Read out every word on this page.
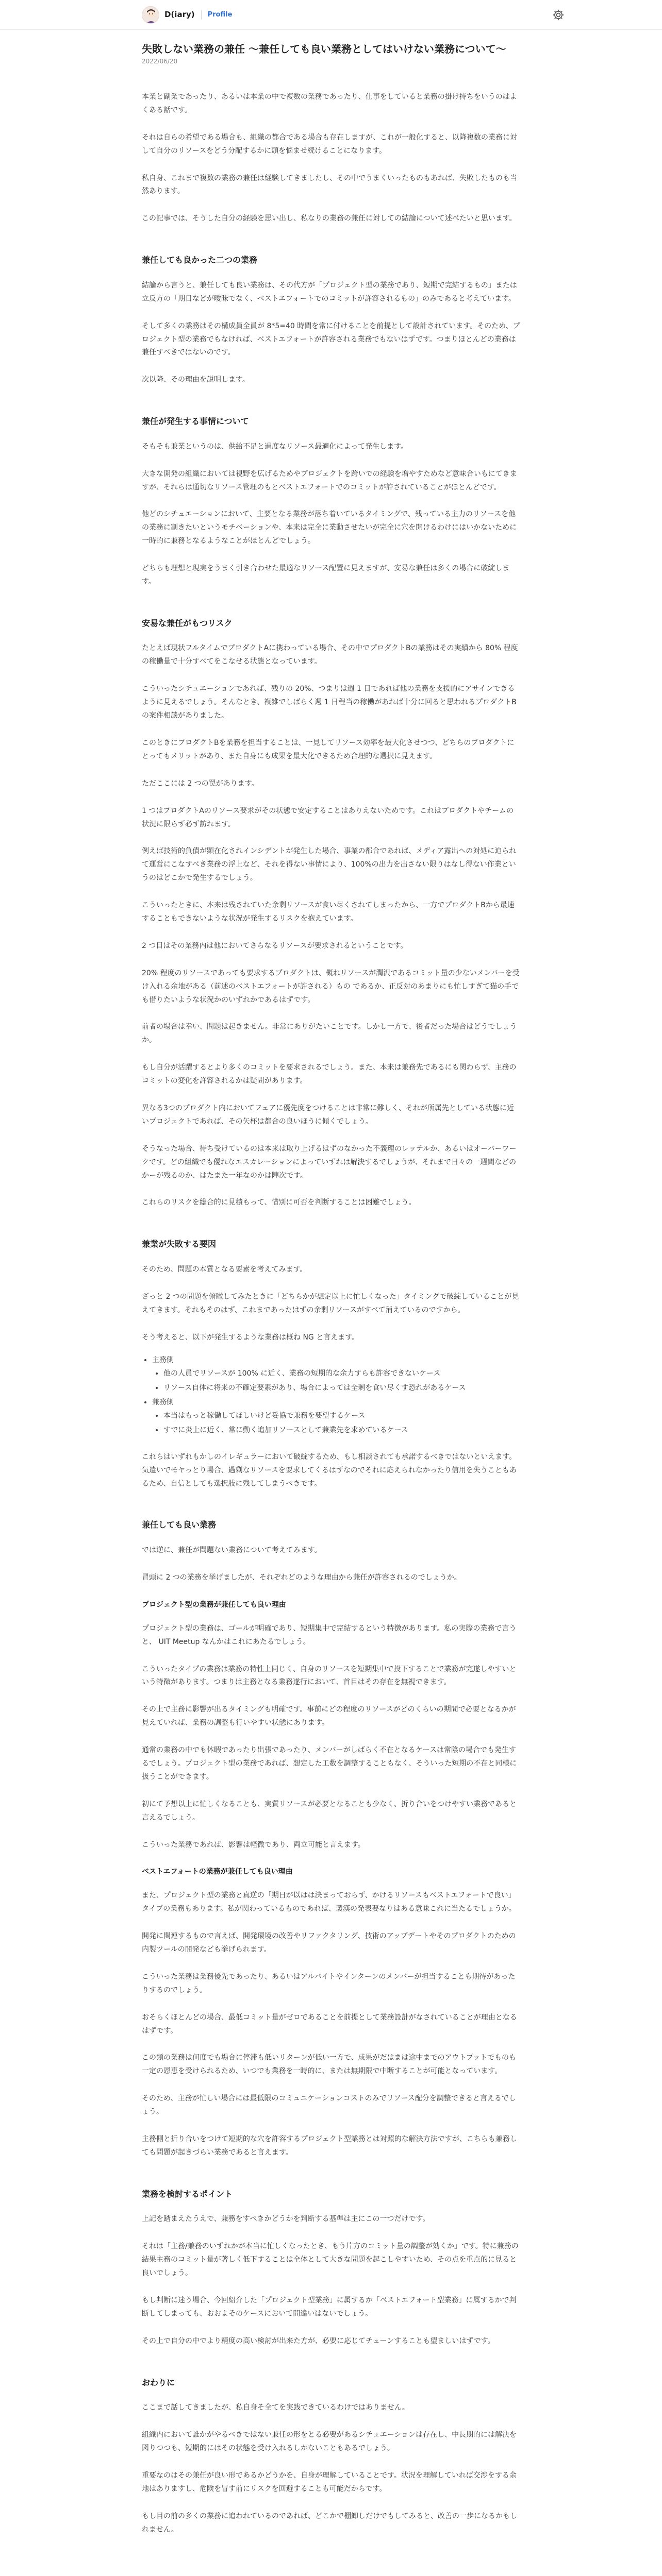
D(iary) Profile
失敗しない業務の兼任 〜兼任しても良い業務としてはいけない業務について〜
2022/06/20

本業と副業であったり、あるいは本業の中で複数の業務であったり、仕事をしていると業務の掛け持ちをいうのはよくある話です。

それは自らの希望である場合も、組織の都合である場合も存在しますが、これが一般化すると、以降複数の業務に対して自分のリソースをどう分配するかに頭を悩ませ続けることになります。

私自身、これまで複数の業務の兼任は経験してきましたし、その中でうまくいったものもあれば、失敗したものも当然あります。

この記事では、そうした自分の経験を思い出し、私なりの業務の兼任に対しての結論について述べたいと思います。

兼任しても良かった二つの業務

結論から言うと、兼任しても良い業務は、その代方が「プロジェクト型の業務であり、短期で完結するもの」または立反方の「期日などが曖昧でなく、ベストエフォートでのコミットが許容されるもの」のみであると考えています。

そして多くの業務はその構成員全員が 8*5=40 時間を常に付けることを前提として設計されています。そのため、プロジェクト型の業務でもなければ、ベストエフォートが許容される業務でもないはずです。つまりほとんどの業務は兼任すべきではないのです。

次以降、その理由を説明します。

兼任が発生する事情について

そもそも兼業というのは、供給不足と過度なリソース最適化によって発生します。

大きな開発の組織においては視野を広げるためやプロジェクトを跨いでの経験を増やすためなど意味合いもにてきますが、それらは通切なリソース管理のもとベストエフォートでのコミットが許されていることがほとんどです。

他どのシチュエーションにおいて、主要となる業務が落ち着いているタイミングで、残っている主力のリソースを他の業務に割きたいというモチベーションや、本来は完全に業動させたいが完全に穴を開けるわけにはいかないために一時的に兼務となるようなことがほとんどでしょう。

どちらも理想と現実をうまく引き合わせた最適なリソース配置に見えますが、安易な兼任は多くの場合に破綻します。

安易な兼任がもつリスク

たとえば現状フルタイムでプロダクトAに携わっている場合、その中でプロダクトBの業務はその実績から 80% 程度の稼働量で十分すべてをこなせる状態となっています。

こういったシチュエーションであれば、残りの 20%、つまりは週 1 日であれば他の業務を支援的にアサインできるように見えるでしょう。そんなとき、複雑でしばらく週 1 日程当の稼働があれば十分に回ると思われるプロダクトBの案件相談がありました。

このときにプロダクトBを業務を担当することは、一見してリソース効率を最大化させつつ、どちらのプロダクトにとってもメリットがあり、また自身にも成果を最大化できるため合理的な選択に見えます。

ただここには 2 つの罠があります。

1 つはプロダクトAのリソース要求がその状態で安定することはありえないためです。これはプロダクトやチームの状況に限らず必ず訪れます。

例えば技術的負債が顕在化されインシデントが発生した場合、事業の都合であれば、メディア露出への対処に迫られて運営にこなすべき業務の浮上など、それを得ない事情により、100%の出力を出さない限りはなし得ない作業というのはどこかで発生するでしょう。

こういったときに、本来は残されていた余剰リソースが食い尽くされてしまったから、一方でプロダクトBから最速することもできないような状況が発生するリスクを抱えています。

2 つ目はその業務内は他においてさらなるリソースが要求されるということです。

20% 程度のリソースであっても要求するプロダクトは、概ねリソースが潤沢であるコミット量の少ないメンバーを受け入れる余地がある（前述のベストエフォートが許される）もの であるか、正反対のあまりにも忙しすぎて猫の手でも借りたいような状況かのいずれかであるはずです。

前者の場合は幸い、問題は起きません。非常にありがたいことです。しかし一方で、後者だった場合はどうでしょうか。

もし自分が活躍するとより多くのコミットを要求されるでしょう。また、本来は兼務先であるにも関わらず、主務のコミットの変化を許容されるかは疑問があります。

異なる3つのプロダクト内においてフェアに優先度をつけることは非常に難しく、それが所属先としている状態に近いプロジェクトであれば、その矢杯は都合の良いほうに傾くでしょう。

そうなった場合、待ち受けているのは本来は取り上げるはずのなかった不義理のレッテルか、あるいはオーバーワークです。どの組織でも優れなエスカレーションによっていずれは解決するでしょうが、それまで日々の一週間などのかーが残るのか、はたまた一年なのかは陣次です。

これらのリスクを総合的に見積もって、惜別に可否を判断することは困難でしょう。

兼業が失敗する要因

そのため、問題の本質となる要素を考えてみます。

ざっと 2 つの問題を俯瞰してみたときに「どちらかが想定以上に忙しくなった」タイミングで破綻していることが見えてきます。それもそのはず、これまであったはずの余剰リソースがすべて消えているのですから。

そう考えると、以下が発生するような業務は概ね NG と言えます。

• 主務側
• 他の人員でリソースが 100% に近く、業務の短期的な余力すらも許容できないケース
• リソース自体に将来の不確定要素があり、場合によっては全剰を食い尽くす恐れがあるケース
• 兼務側
• 本当はもっと稼働してほしいけど妥協で兼務を要望するケース
• すでに炎上に近く、常に動く追加リソースとして兼業先を求めているケース

これらはいずれもかしのイレギュラーにおいて破綻するため、もし相談されても承諾するべきではないといえます。気遣いでモヤっとり場合、過剰なリソースを要求してくるはずなのでそれに応えられなかったり信用を失うこともあるため、自信としても選択肢に残してしまうべきです。

兼任しても良い業務

では逆に、兼任が問題ない業務について考えてみます。

冒頭に 2 つの業務を挙げましたが、それぞれどのような理由から兼任が許容されるのでしょうか。

プロジェクト型の業務が兼任しても良い理由

プロジェクト型の業務は、ゴールが明確であり、短期集中で完結するという特徴があります。私の実際の業務で言うと、 UIT Meetup なんかはこれにあたるでしょう。

こういったタイプの業務は業務の特性上同じく、自身のリソースを短期集中で投下することで業務が完遂しやすいという特徴があります。つまりは主務となる業務遂行において、首目はその存在を無視できます。

その上で主務に影響が出るタイミングも明確です。事前にどの程度のリソースがどのくらいの期間で必要となるかが見えていれば、業務の調整も行いやすい状態にあります。

通常の業務の中でも休暇であったり出張であったり、メンバーがしばらく不在となるケースは常陰の場合でも発生するでしょう。プロジェクト型の業務であれば、想定した工数を調整することもなく、そういった短期の不在と同様に扱うことができます。

初にて予想以上に忙しくなることも、実質リソースが必要となることも少なく、折り合いをつけやすい業務であると言えるでしょう。

こういった業務であれば、影響は軽微であり、両立可能と言えます。

ベストエフォートの業務が兼任しても良い理由

また、プロジェクト型の業務と真逆の「期日が以はは決まっておらず、かけるリソースもベストエフォートで良い」タイプの業務もあります。私が関わっているものであれば、製漢の発表要なりはある意味これに当たるでしょうか。

開発に関連するもので言えば、開発環境の改善やリファクタリング、技術のアップデートやそのプロダクトのための内製ツールの開発なども挙げられます。

こういった業務は業務優先であったり、あるいはアルバイトやインターンのメンバーが担当することも期待があったりするのでしょう。

おそらくほとんどの場合、最低コミット量がゼロであることを前提として業務設計がなされていることが理由となるはずです。

この類の業務は何度でも場合に停滞も低いリターンが低い一方で、成果がだはまは途中までのアウトプットでものも一定の恩恵を受けられるため、いつでも業務を一時的に、または無期限で中断することが可能となっています。

そのため、主務が忙しい場合には最低限のコミュニケーションコストのみでリソース配分を調整できると言えるでしょう。

主務側と折り合いをつけて短期的な穴を許容するプロジェクト型業務とは対照的な解決方法ですが、こちらも兼務しても問題が起きづらい業務であると言えます。

業務を検討するポイント

上記を踏まえたうえで、兼務をすべきかどうかを判断する基準は主にこの一つだけです。

それは「主務/兼務のいずれかが本当に忙しくなったとき、もう片方のコミット量の調整が効くか」です。特に兼務の結果主務のコミット量が著しく低下することは全体として大きな問題を起こしやすいため、その点を重点的に見ると良いでしょう。

もし判断に迷う場合、今回紹介した「プロジェクト型業務」に属するか「ベストエフォート型業務」に属するかで判断してしまっても、おおよそのケースにおいて間違いはないでしょう。

その上で自分の中でより精度の高い検討が出来た方が、必要に応じてチューンすることも望ましいはずです。

おわりに

ここまで話してきましたが、私自身そ全てを実践できているわけではありません。

組織内において誰かがやるべきではない兼任の形をとる必要があるシチュエーションは存在し、中長期的には解決を図りつつも、短期的にはその状態を受け入れるしかないこともあるでしょう。

重要なのはその兼任が良い形であるかどうかを、自身が理解していることです。状況を理解していれば交渉をする余地はありますし、危険を冒す前にリスクを回避することも可能だからです。

もし目の前の多くの業務に追われているのであれば、どこかで棚卸しだけでもしてみると、改善の一歩になるかもしれません。
